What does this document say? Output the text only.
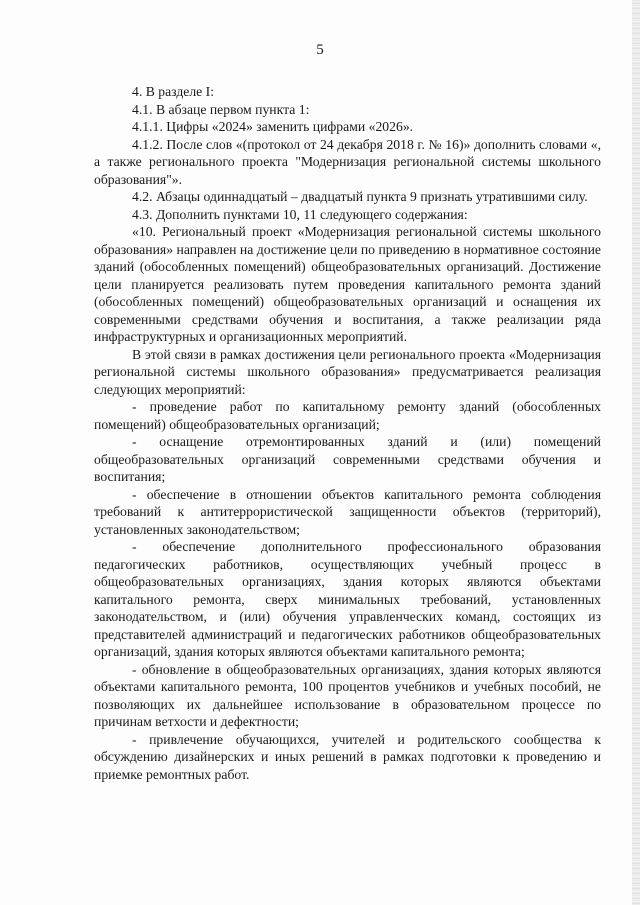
5

4. В разделе I:

4.1. В абзаце первом пункта 1:

4.1.1. Цифры «2024» заменить цифрами «2026».

4.1.2. После слов «(протокол от 24 декабря 2018 г. № 16)» дополнить словами «, а также регионального проекта "Модернизация региональной системы школьного образования"».

4.2. Абзацы одиннадцатый – двадцатый пункта 9 признать утратившими силу.

4.3. Дополнить пунктами 10, 11 следующего содержания:

«10. Региональный проект «Модернизация региональной системы школьного образования» направлен на достижение цели по приведению в нормативное состояние зданий (обособленных помещений) общеобразовательных организаций. Достижение цели планируется реализовать путем проведения капитального ремонта зданий (обособленных помещений) общеобразовательных организаций и оснащения их современными средствами обучения и воспитания, а также реализации ряда инфраструктурных и организационных мероприятий.

В этой связи в рамках достижения цели регионального проекта «Модернизация региональной системы школьного образования» предусматривается реализация следующих мероприятий:

- проведение работ по капитальному ремонту зданий (обособленных помещений) общеобразовательных организаций;

- оснащение отремонтированных зданий и (или) помещений общеобразовательных организаций современными средствами обучения и воспитания;

- обеспечение в отношении объектов капитального ремонта соблюдения требований к антитеррористической защищенности объектов (территорий), установленных законодательством;

- обеспечение дополнительного профессионального образования педагогических работников, осуществляющих учебный процесс в общеобразовательных организациях, здания которых являются объектами капитального ремонта, сверх минимальных требований, установленных законодательством, и (или) обучения управленческих команд, состоящих из представителей администраций и педагогических работников общеобразовательных организаций, здания которых являются объектами капитального ремонта;

- обновление в общеобразовательных организациях, здания которых являются объектами капитального ремонта, 100 процентов учебников и учебных пособий, не позволяющих их дальнейшее использование в образовательном процессе по причинам ветхости и дефектности;

- привлечение обучающихся, учителей и родительского сообщества к обсуждению дизайнерских и иных решений в рамках подготовки к проведению и приемке ремонтных работ.
